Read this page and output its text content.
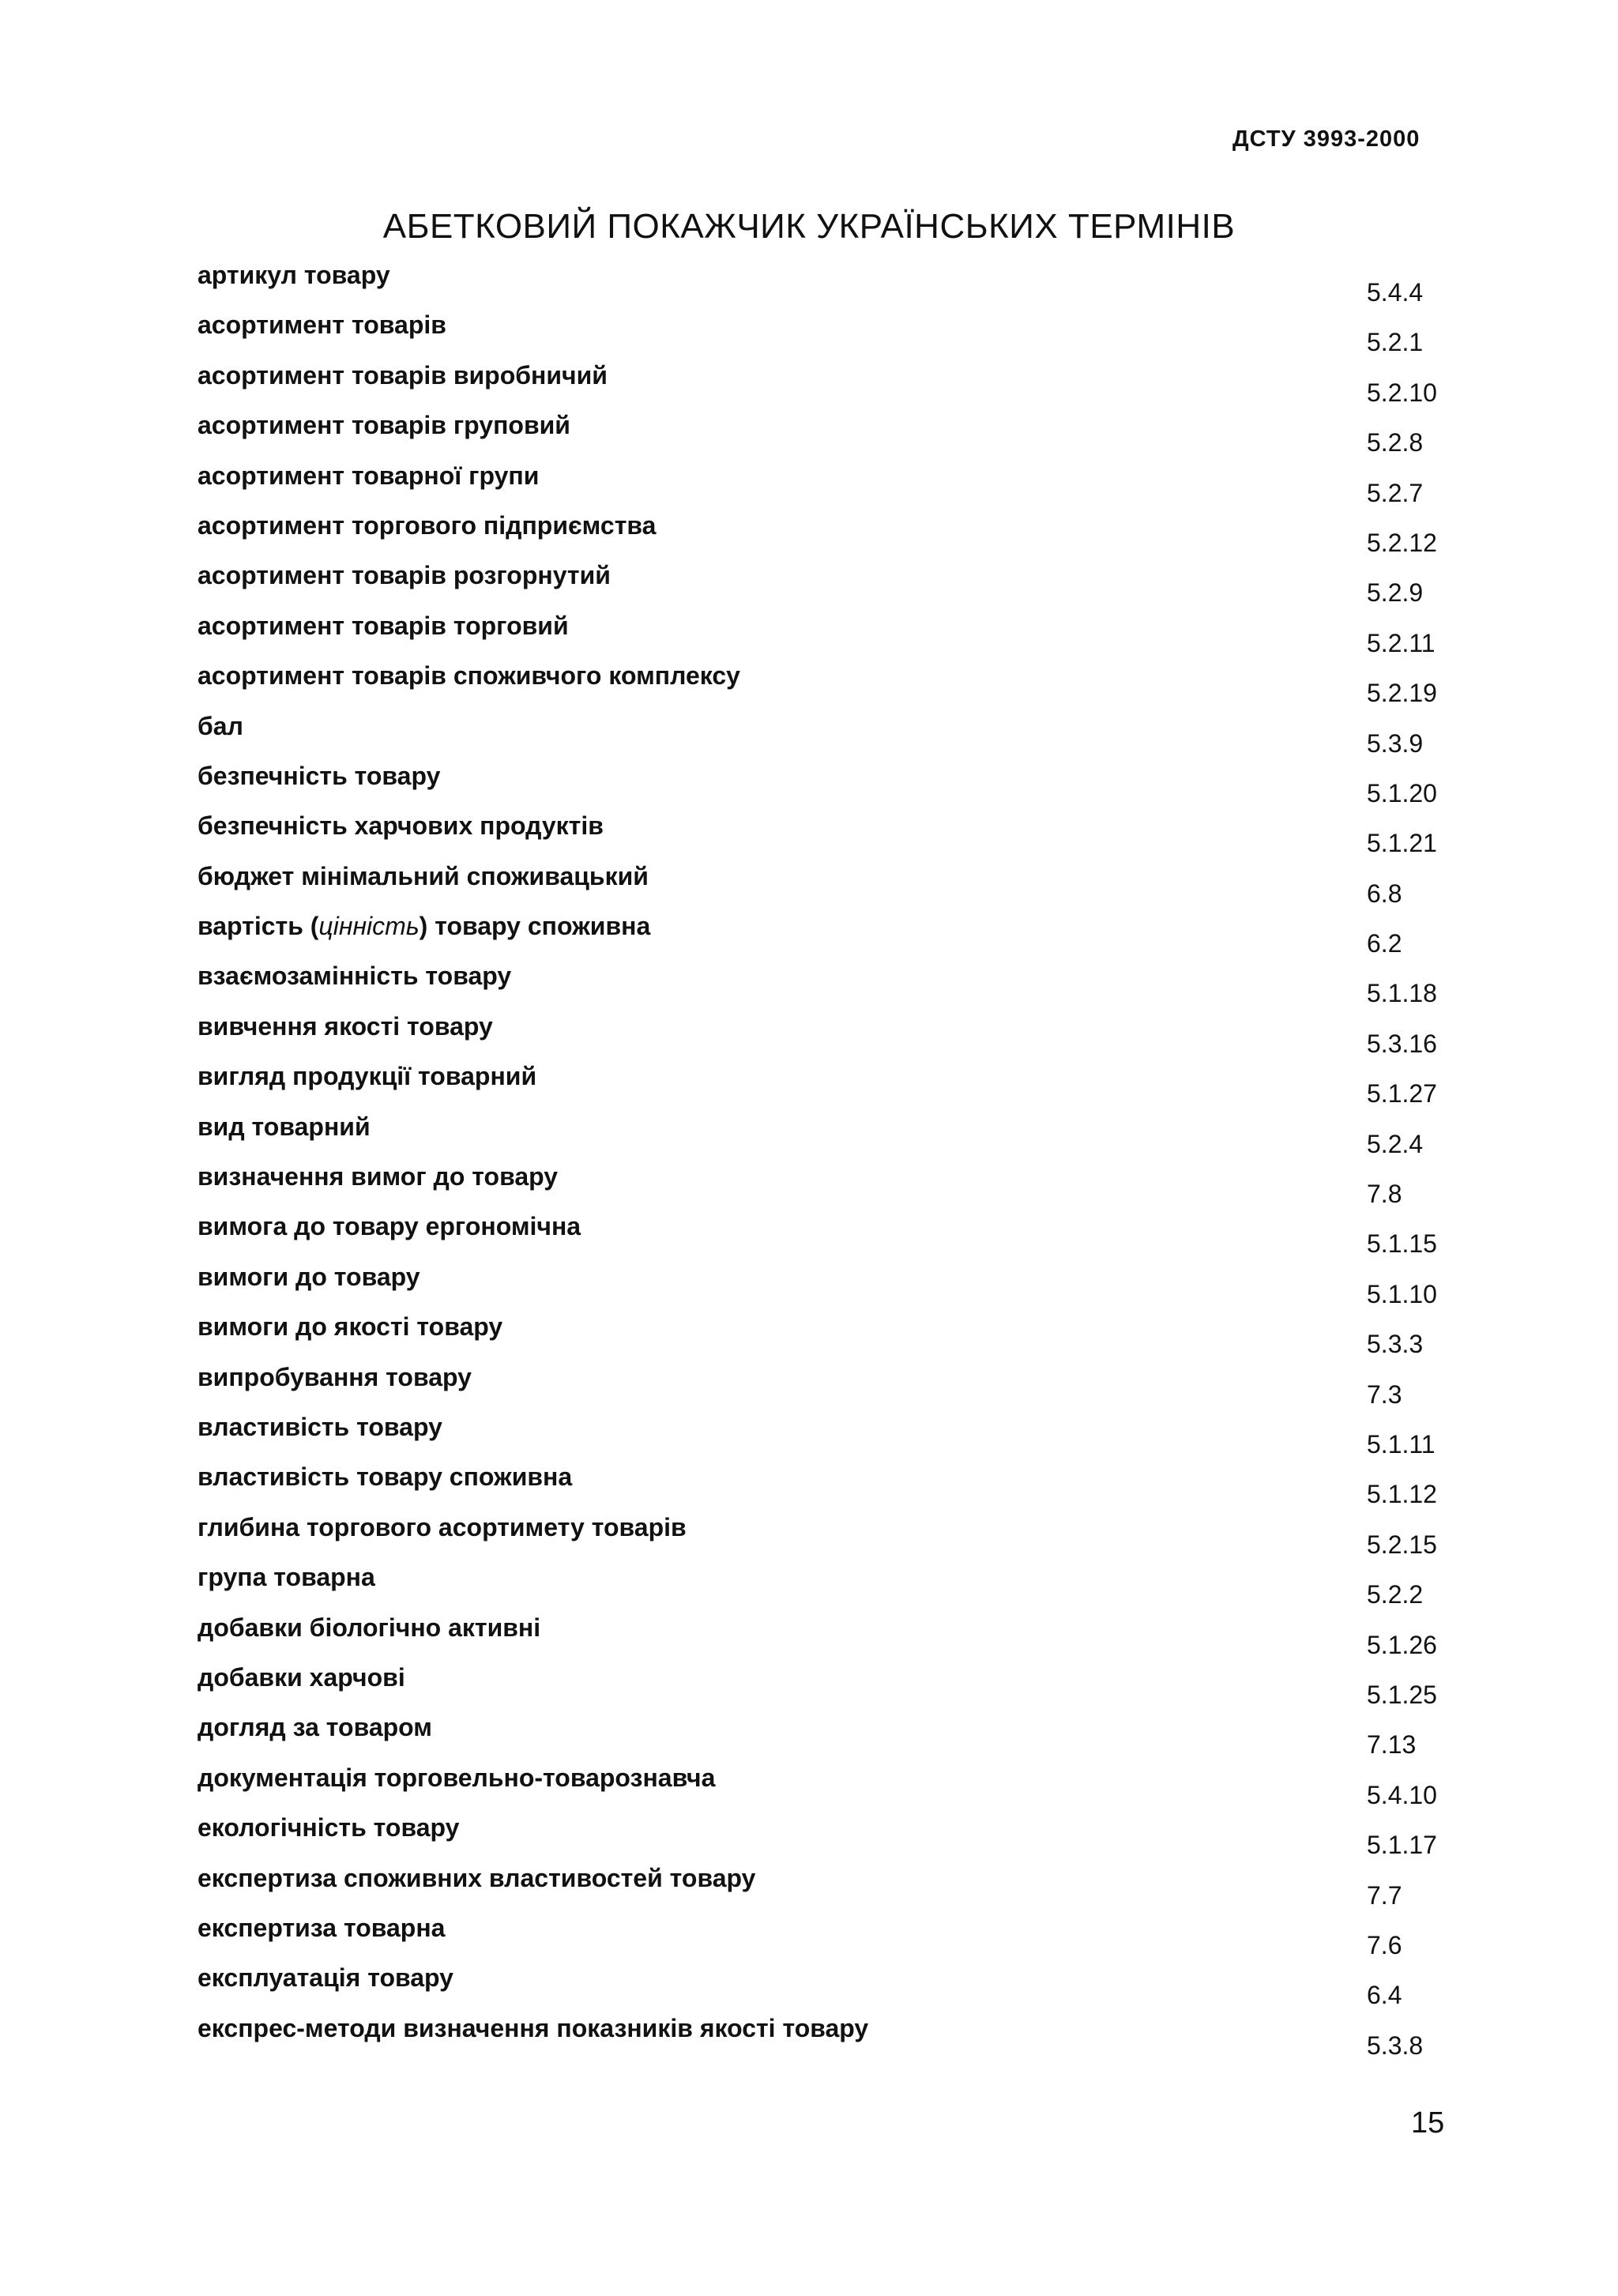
ДСТУ 3993-2000
АБЕТКОВИЙ ПОКАЖЧИК УКРАЇНСЬКИХ ТЕРМІНІВ
артикул товару
5.4.4
асортимент товарів
5.2.1
асортимент товарів виробничий
5.2.10
асортимент товарів груповий
5.2.8
асортимент товарної групи
5.2.7
асортимент торгового підприємства
5.2.12
асортимент товарів розгорнутий
5.2.9
асортимент товарів торговий
5.2.11
асортимент товарів споживчого комплексу
5.2.19
бал
5.3.9
безпечність товару
5.1.20
безпечність харчових продуктів
5.1.21
бюджет мінімальний споживацький
6.8
вартість (цінність) товару споживна
6.2
взаємозамінність товару
5.1.18
вивчення якості товару
5.3.16
вигляд продукції товарний
5.1.27
вид товарний
5.2.4
визначення вимог до товару
7.8
вимога до товару ергономічна
5.1.15
вимоги до товару
5.1.10
вимоги до якості товару
5.3.3
випробування товару
7.3
властивість товару
5.1.11
властивість товару споживна
5.1.12
глибина торгового асортимету товарів
5.2.15
група товарна
5.2.2
добавки біологічно активні
5.1.26
добавки харчові
5.1.25
догляд за товаром
7.13
документація торговельно-товарознавча
5.4.10
екологічність товару
5.1.17
експертиза споживних властивостей товару
7.7
експертиза товарна
7.6
експлуатація товару
6.4
експрес-методи визначення показників якості товару
5.3.8
15
